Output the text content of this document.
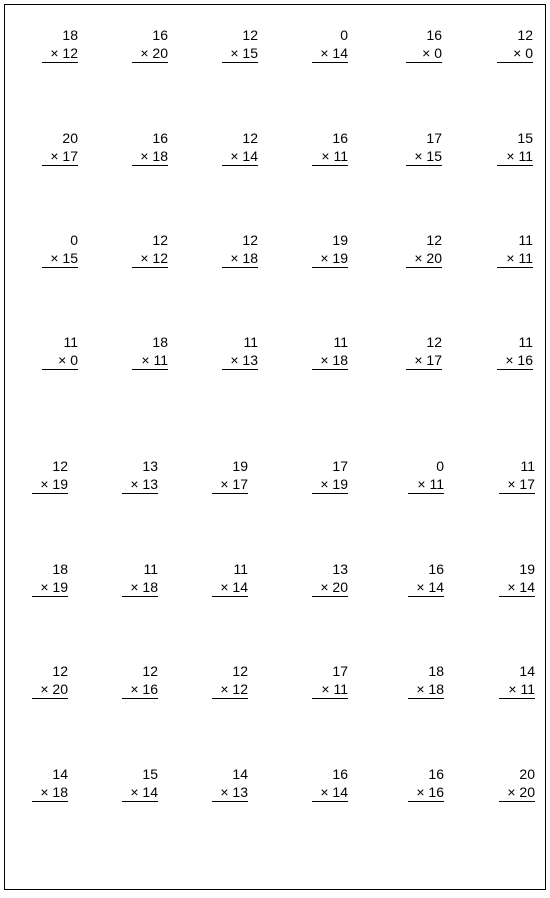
18
× 12
16
× 20
12
× 15
0
× 14
16
× 0
12
× 0
20
× 17
16
× 18
12
× 14
16
× 11
17
× 15
15
× 11
0
× 15
12
× 12
12
× 18
19
× 19
12
× 20
11
× 11
11
× 0
18
× 11
11
× 13
11
× 18
12
× 17
11
× 16
12
× 19
13
× 13
19
× 17
17
× 19
0
× 11
11
× 17
18
× 19
11
× 18
11
× 14
13
× 20
16
× 14
19
× 14
12
× 20
12
× 16
12
× 12
17
× 11
18
× 18
14
× 11
14
× 18
15
× 14
14
× 13
16
× 14
16
× 16
20
× 20
